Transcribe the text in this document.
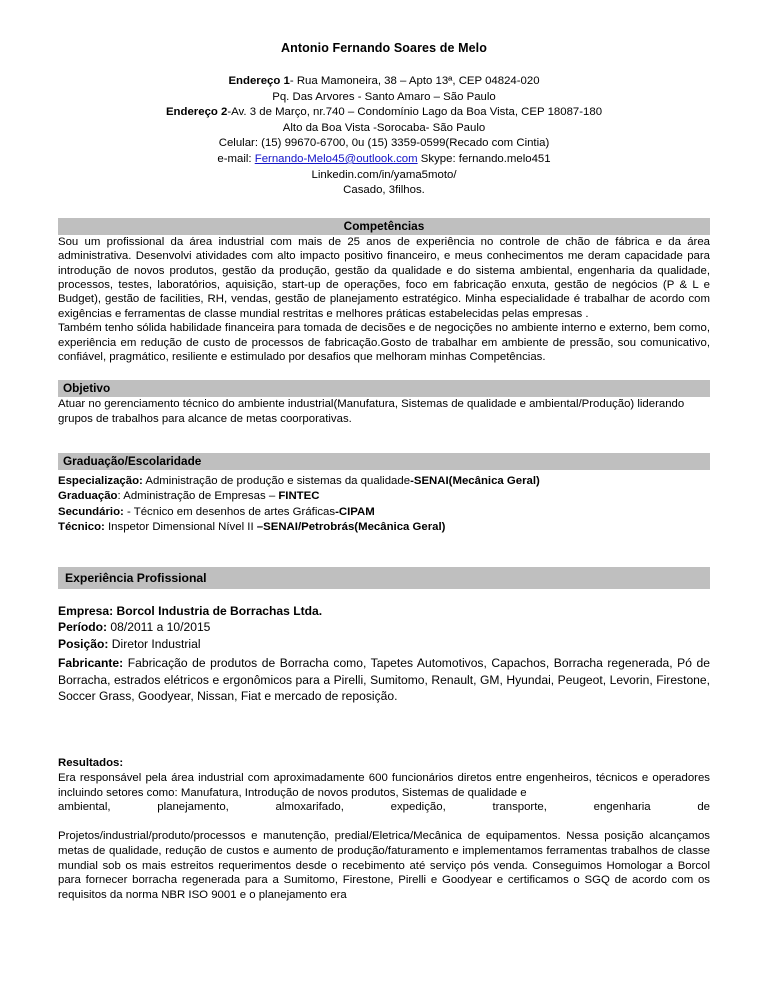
Antonio Fernando Soares de Melo
Endereço 1- Rua Mamoneira, 38 – Apto 13ª, CEP 04824-020
Pq. Das Arvores - Santo Amaro – São Paulo
Endereço 2-Av. 3 de Março, nr.740 – Condomínio Lago da Boa Vista, CEP 18087-180
Alto da Boa Vista -Sorocaba- São Paulo
Celular: (15) 99670-6700, 0u (15) 3359-0599(Recado com Cintia)
e-mail: Fernando-Melo45@outlook.com Skype: fernando.melo451
Linkedin.com/in/yama5moto/
Casado, 3filhos.
Competências

Sou um profissional da área industrial com mais de 25 anos de experiência no controle de chão de fábrica e da área administrativa. Desenvolvi atividades com alto impacto positivo financeiro, e meus conhecimentos me deram capacidade para introdução de novos produtos, gestão da produção, gestão da qualidade e do sistema ambiental, engenharia da qualidade, processos, testes, laboratórios, aquisição, start-up de operações, foco em fabricação enxuta, gestão de negócios (P & L e Budget), gestão de facilities, RH, vendas, gestão de planejamento estratégico. Minha especialidade é trabalhar de acordo com exigências e ferramentas de classe mundial restritas e melhores práticas estabelecidas pelas empresas .

Também tenho sólida habilidade financeira para tomada de decisões e de negocições no ambiente interno e externo, bem como, experiência em redução de custo de processos de fabricação.Gosto de trabalhar em ambiente de pressão, sou comunicativo, confiável, pragmático, resiliente e estimulado por desafios que melhoram minhas Competências.

Objetivo

Atuar no gerenciamento técnico do ambiente industrial(Manufatura, Sistemas de qualidade e ambiental/Produção) liderando grupos de trabalhos para alcance de metas coorporativas.

Graduação/Escolaridade

Especialização: Administração de produção e sistemas da qualidade-SENAI(Mecânica Geral)

Graduação: Administração de Empresas – FINTEC

Secundário: - Técnico em desenhos de artes Gráficas-CIPAM

Técnico: Inspetor Dimensional Nível II –SENAI/Petrobrás(Mecânica Geral)

Experiência Profissional

Empresa: Borcol Industria de Borrachas Ltda.

Período: 08/2011 a 10/2015

Posição: Diretor Industrial

Fabricante: Fabricação de produtos de Borracha como, Tapetes Automotivos, Capachos, Borracha regenerada, Pó de Borracha, estrados elétricos e ergonômicos para a Pirelli, Sumitomo, Renault, GM, Hyundai, Peugeot, Levorin, Firestone, Soccer Grass, Goodyear, Nissan, Fiat e mercado de reposição.

Resultados:

Era responsável pela área industrial com aproximadamente 600 funcionários diretos entre engenheiros, técnicos e operadores incluindo setores como: Manufatura, Introdução de novos produtos, Sistemas de qualidade e
ambiental, planejamento, almoxarifado, expedição, transporte, engenharia de
Projetos/industrial/produto/processos e manutenção, predial/Eletrica/Mecânica de equipamentos. Nessa posição alcançamos metas de qualidade, redução de custos e aumento de produção/faturamento e implementamos ferramentas trabalhos de classe mundial sob os mais estreitos requerimentos desde o recebimento até serviço pós venda. Conseguimos Homologar a Borcol para fornecer borracha regenerada para a Sumitomo, Firestone, Pirelli e Goodyear e certificamos o SGQ de acordo com os requisitos da norma NBR ISO 9001 e o planejamento era
